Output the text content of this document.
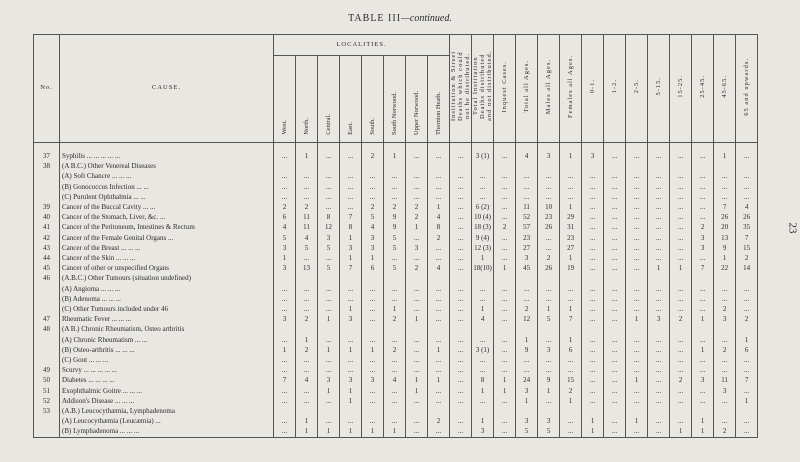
TABLE III—continued.
23
No.	CAUSE.	LOCALITIES.								Institution & Street Deaths which could not be distributed.	Total Institution Deaths distributed and not distributed.	Inquest Cases.	Total all Ages.	Males all Ages.	Females all Ages.	0-1.	1-2.	2-5.	5-15.	15-25.	25-45.	45-65.	65 and upwards.
		West.	North.	Central.	East.	South.	South Norwood.	Upper Norwood.	Thornton Heath.														
37	Syphilis ... ... ... ... ...	...	1	...	...	2	1	...	...	...	3 (1)	...	4	3	1	3	...	...	...	...	...	1	...
38	(A B.C.) Other Venereal Diseases																						
	(A) Soft Chancre ... ... ...	...	...	...	...	...	...	...	...	...	...	...	...	...	...	...	...	...	...	...	...	...	...
	(B) Gonococcus Infection ... ...	...	...	...	...	...	...	...	...	...	...	...	...	...	...	...	...	...	...	...	...	...	...
	(C) Purulent Ophthalmia ... ...	...	...	...	...	...	...	...	...	...	...	...	...	...	...	...	...	...	...	...	...	...	...
39	Cancer of the Buccal Cavity ... ...	2	2	...	...	2	2	2	1	...	6 (2)	...	11	10	1	...	...	...	...	...	...	7	4
40	Cancer of the Stomach, Liver, &c. ...	6	11	8	7	5	9	2	4	...	10 (4)	...	52	23	29	...	...	...	...	...	...	26	26
41	Cancer of the Peritoneum, Intestines & Rectum	4	11	12	8	4	9	1	8	...	18 (3)	2	57	26	31	...	...	...	...	...	2	20	35
42	Cancer of the Female Genital Organs ...	5	4	3	1	3	5	...	2	...	9 (4)	...	23	...	23	...	...	...	...	...	3	13	7
43	Cancer of the Breast ... ... ...	3	5	5	3	3	5	3	...	...	12 (3)	...	27	...	27	...	...	...	...	...	3	9	15
44	Cancer of the Skin ... ... ...	1	...	...	1	1	...	...	...	...	1	...	3	2	1	...	...	...	...	...	...	1	2
45	Cancer of other or unspecified Organs	3	13	5	7	6	5	2	4	...	18(10)	1	45	26	19	...	...	...	1	1	7	22	14
46	(A.B.C.) Other Tumours (situation undefined)																						
	(A) Angioma ... ... ...	...	...	...	...	...	...	...	...	...	...	...	...	...	...	...	...	...	...	...	...	...	...
	(B) Adenoma ... ... ...	...	...	...	...	...	...	...	...	...	...	...	...	...	...	...	...	...	...	...	...	...	...
	(C) Other Tumours included under 46	...	...	...	1	...	1	...	...	...	1	...	2	1	1	...	...	...	...	...	...	2	...
47	Rheumatic Fever ... ... ...	3	2	1	3	...	2	1	...	...	4	...	12	5	7	...	...	1	3	2	1	3	2
48	(A B.) Chronic Rheumatism, Osteo arthritis																						
	(A) Chronic Rheumatism ... ...	...	1	...	...	...	...	...	...	...	...	...	1	...	1	...	...	...	...	...	...	...	1
	(B) Osteo-arthritis ... ... ...	1	2	1	1	1	2	...	1	...	3 (1)	...	9	3	6	...	...	...	...	...	1	2	6
	(C) Gout ... ... ...	...	...	...	...	...	...	...	...	...	...	...	...	...	...	...	...	...	...	...	...	...	...
49	Scurvy ... ... ... ... ...	...	...	...	...	...	...	...	...	...	...	...	...	...	...	...	...	...	...	...	...	...	...
50	Diabetes ... ... ... ...	7	4	3	3	3	4	1	1	...	8	1	24	9	15	...	...	1	...	2	3	11	7
51	Exophthalmic Goitre ... ... ...	...	...	1	1	...	...	1	...	...	1	1	3	1	2	...	...	...	...	...	...	3	...
52	Addison's Disease ... ... ...	...	...	...	1	...	...	...	...	...	...	...	1	...	1	...	...	...	...	...	...	...	1
53	(A.B.) Leucocythæmia, Lymphadenoma																						
	(A) Leucocythæmia (Leucæmia) ...	...	1	...	...	...	...	...	2	...	1	...	3	3	...	1	...	1	...	...	1	...	...
	(B) Lymphadenoma ... ... ...	...	1	1	1	1	1	...	...	...	3	...	5	5	...	1	...	...	...	1	1	2	...
